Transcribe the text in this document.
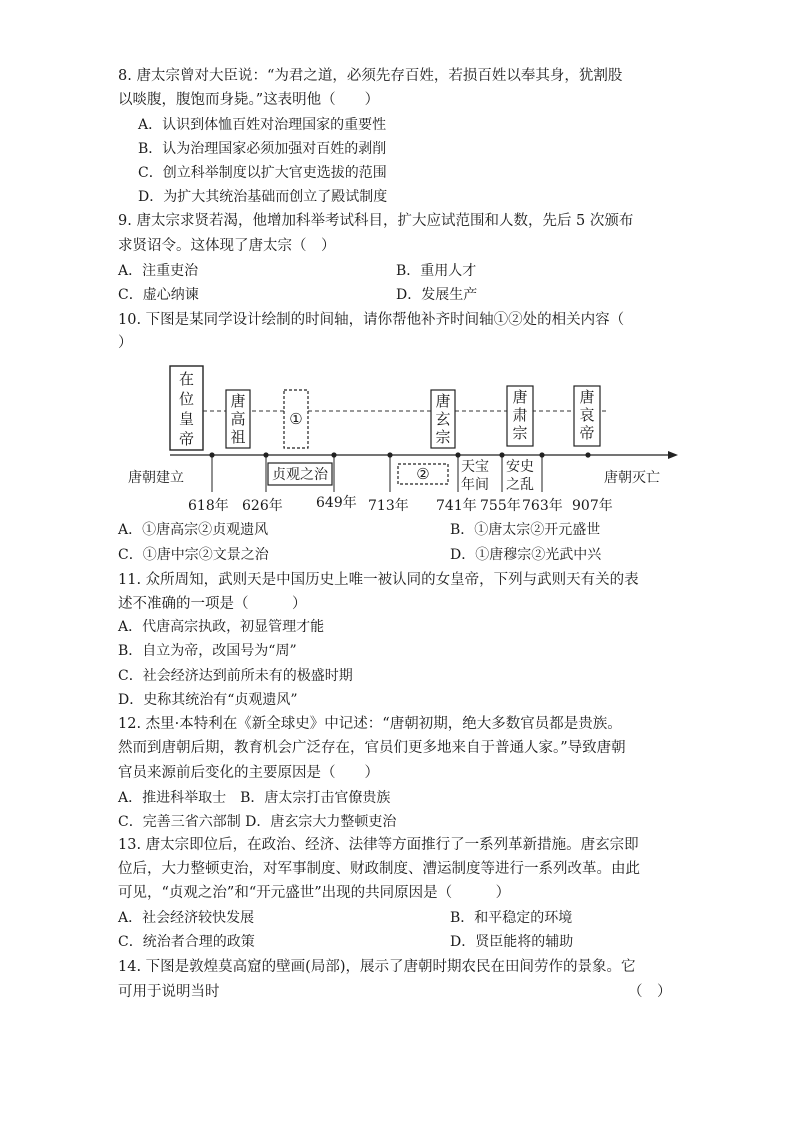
8. 唐太宗曾对大臣说：“为君之道，必须先存百姓，若损百姓以奉其身，犹割股
以啖腹，腹饱而身毙。”这表明他（　　）
A．认识到体恤百姓对治理国家的重要性
B．认为治理国家必须加强对百姓的剥削
C．创立科举制度以扩大官吏选拔的范围
D．为扩大其统治基础而创立了殿试制度
9. 唐太宗求贤若渴，他增加科举考试科目，扩大应试范围和人数，先后 5 次颁布
求贤诏令。这体现了唐太宗（　）
A．注重吏治	B．重用人才
C．虚心纳谏	D．发展生产
10. 下图是某同学设计绘制的时间轴，请你帮他补齐时间轴①②处的相关内容（
）
在
位
皇
帝
唐
高
祖
①
唐
玄
宗
唐
肃
宗
唐
哀
帝
唐朝建立	唐朝灭亡
贞观之治	② 天宝
年间
安史
之乱
618年 626年 649年 713年 741年 755年 763年 907年
A．①唐高宗②贞观遗风	B．①唐太宗②开元盛世
C．①唐中宗②文景之治	D．①唐穆宗②光武中兴
11. 众所周知，武则天是中国历史上唯一被认同的女皇帝，下列与武则天有关的表
述不准确的一项是（　　　）
A．代唐高宗执政，初显管理才能
B．自立为帝，改国号为“周”
C．社会经济达到前所未有的极盛时期
D．史称其统治有“贞观遗风”
12. 杰里·本特利在《新全球史》中记述：“唐朝初期，绝大多数官员都是贵族。
然而到唐朝后期，教育机会广泛存在，官员们更多地来自于普通人家。”导致唐朝
官员来源前后变化的主要原因是（　　）
A．推进科举取士　B．唐太宗打击官僚贵族
C．完善三省六部制 D．唐玄宗大力整顿吏治
13. 唐太宗即位后，在政治、经济、法律等方面推行了一系列革新措施。唐玄宗即
位后，大力整顿吏治，对军事制度、财政制度、漕运制度等进行一系列改革。由此
可见，“贞观之治”和“开元盛世”出现的共同原因是（　　　）
A．社会经济较快发展	B．和平稳定的环境
C．统治者合理的政策	D．贤臣能将的辅助
14. 下图是敦煌莫高窟的壁画(局部)，展示了唐朝时期农民在田间劳作的景象。它
可用于说明当时	（　）
